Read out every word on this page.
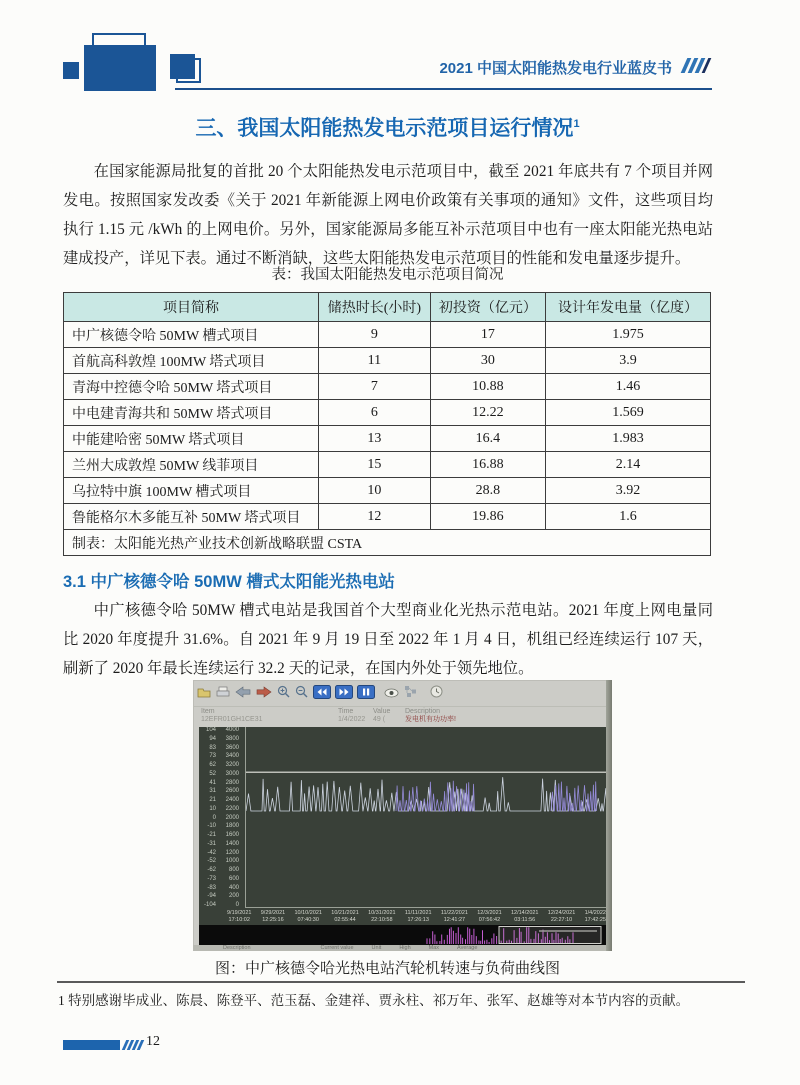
2021 中国太阳能热发电行业蓝皮书
三、我国太阳能热发电示范项目运行情况$^1$
在国家能源局批复的首批 20 个太阳能热发电示范项目中，截至 2021 年底共有 7 个项目并网发电。按照国家发改委《关于 2021 年新能源上网电价政策有关事项的通知》文件，这些项目均执行 1.15 元 /kWh 的上网电价。另外，国家能源局多能互补示范项目中也有一座太阳能光热电站建成投产，详见下表。通过不断消缺，这些太阳能热发电示范项目的性能和发电量逐步提升。
表：我国太阳能热发电示范项目简况
项目简称	储热时长(小时)	初投资（亿元）	设计年发电量（亿度）
中广核德令哈 50MW 槽式项目	9	17	1.975
首航高科敦煌 100MW 塔式项目	11	30	3.9
青海中控德令哈 50MW 塔式项目	7	10.88	1.46
中电建青海共和 50MW 塔式项目	6	12.22	1.569
中能建哈密 50MW 塔式项目	13	16.4	1.983
兰州大成敦煌 50MW 线菲项目	15	16.88	2.14
乌拉特中旗 100MW 槽式项目	10	28.8	3.92
鲁能格尔木多能互补 50MW 塔式项目	12	19.86	1.6
制表：太阳能光热产业技术创新战略联盟 CSTA			
3.1 中广核德令哈 50MW 槽式太阳能光热电站
中广核德令哈 50MW 槽式电站是我国首个大型商业化光热示范电站。2021 年度上网电量同比 2020 年度提升 31.6%。自 2021 年 9 月 19 日至 2022 年 1 月 4 日，机组已经连续运行 107 天，刷新了 2020 年最长连续运行 32.2 天的记录，在国内外处于领先地位。
Item	Time	Value Description
12EFR01GH1CE31	1/4/2022 49 (	发电机有功功率!
104	4000
94	3800
83	3600
73	3400
62	3200
52	3000
41	2800
31	2600
21	2400
10	2200
0	2000
-10	1800
-21	1600
-31	1400
-42	1200
-52	1000
-62	800
-73	600
-83	400
-94	200
-104	0
9/19/2021
17:10:02
9/29/2021
12:25:16
10/10/2021
07:40:30
10/21/2021
02:55:44
10/31/2021
22:10:58
11/11/2021
17:26:13
11/22/2021
12:41:27
12/3/2021
07:56:42
12/14/2021
03:11:56
12/24/2021
22:27:10
1/4/2022
17:42:25
Description	Current value	Unit	High	Max	Average
图：中广核德令哈光热电站汽轮机转速与负荷曲线图
1 特别感谢毕成业、陈晨、陈登平、范玉磊、金建祥、贾永柱、祁万年、张军、赵雄等对本节内容的贡献。
12
